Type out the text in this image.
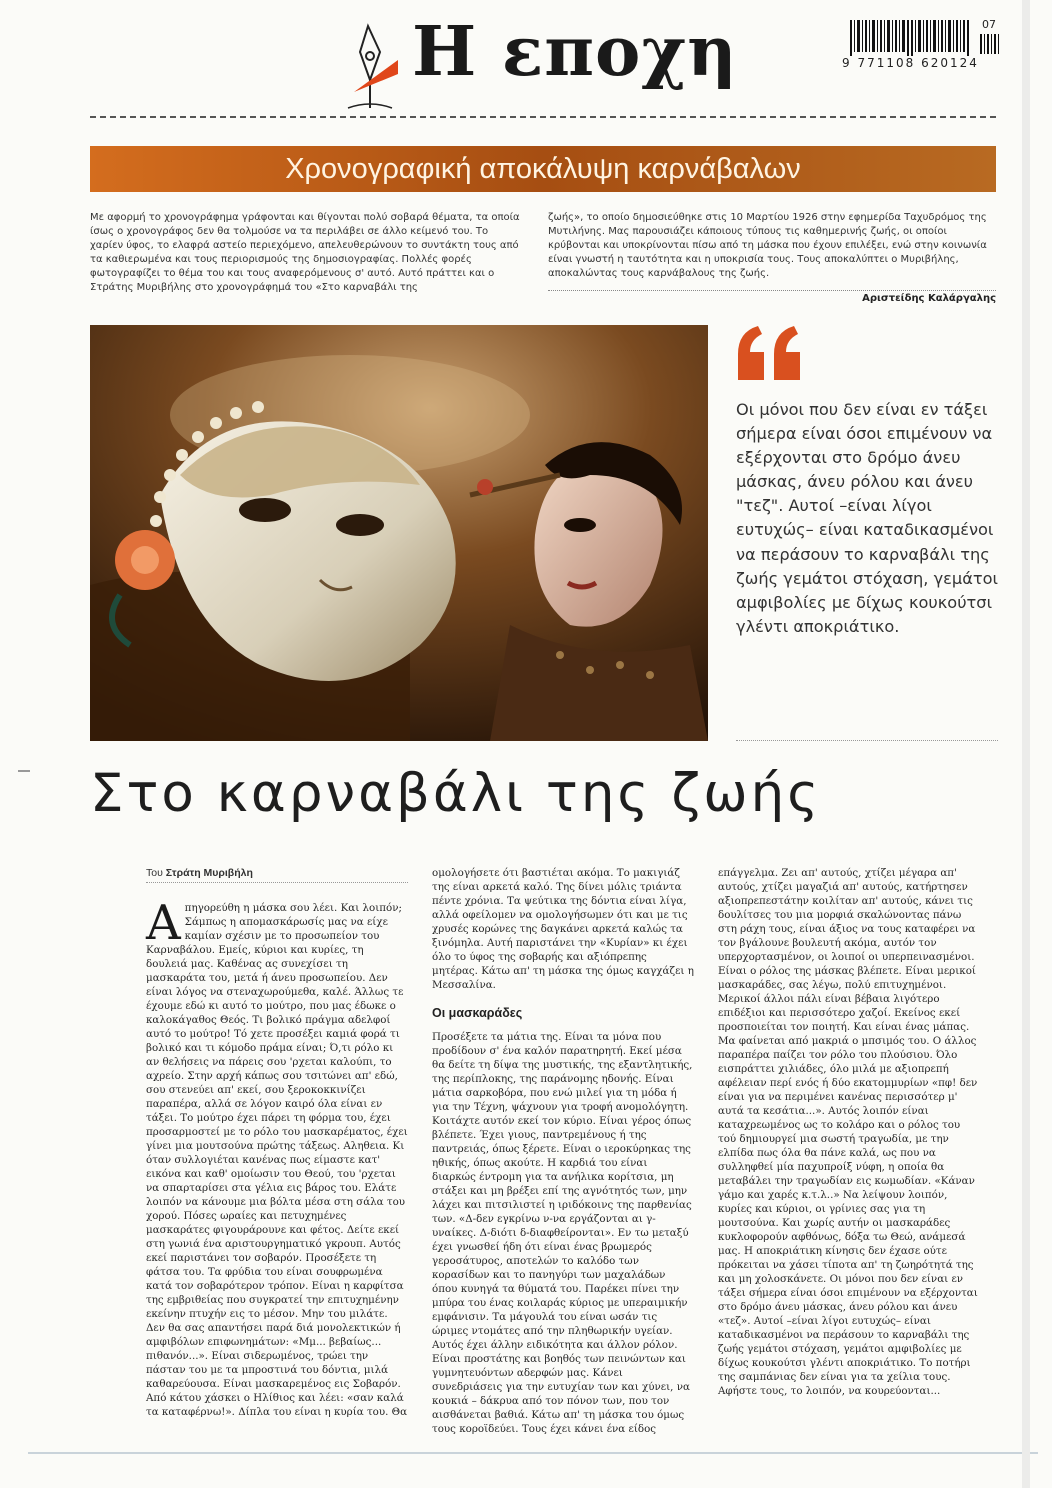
Η εποχη	9 771108 620124
07
Χρονογραφική αποκάλυψη καρνάβαλων
Με αφορμή το χρονογράφημα γράφονται και θίγονται πολύ σοβαρά θέματα, τα οποία ίσως ο χρονογράφος δεν θα τολμούσε να τα περιλάβει σε άλλο κείμενό του. Το χαρίεν ύφος, το ελαφρά αστείο περιεχόμενο, απελευθερώνουν το συντάκτη τους από τα καθιερωμένα και τους περιορισμούς της δημοσιογραφίας. Πολλές φορές φωτογραφίζει το θέμα του και τους αναφερόμενους σ' αυτό. Αυτό πράττει και ο Στράτης Μυριβήλης στο χρονογράφημά του «Στο καρναβάλι της
ζωής», το οποίο δημοσιεύθηκε στις 10 Μαρτίου 1926 στην εφημερίδα Ταχυδρόμος της Μυτιλήνης. Μας παρουσιάζει κάποιους τύπους τις καθημερινής ζωής, οι οποίοι κρύβονται και υποκρίνονται πίσω από τη μάσκα που έχουν επιλέξει, ενώ στην κοινωνία είναι γνωστή η ταυτότητα και η υποκρισία τους. Τους αποκαλύπτει ο Μυριβήλης, αποκαλώντας τους καρνάβαλους της ζωής.
Αριστείδης Καλάργαλης
Οι μόνοι που δεν είναι εν τάξει σήμερα είναι όσοι επιμένουν να εξέρχονται στο δρόμο άνευ μάσκας, άνευ ρόλου και άνευ "τεζ". Αυτοί –είναι λίγοι ευτυχώς– είναι καταδικασμένοι να περάσουν το καρναβάλι της ζωής γεμάτοι στόχαση, γεμάτοι αμφιβολίες με δίχως κουκούτσι γλέντι αποκριάτικο.
Στο καρναβάλι της ζωής
Του Στράτη Μυριβήλη
Α πηγορεύθη η μάσκα σου λέει. Και λοιπόν; Σάμπως η απομασκάρωσίς μας να είχε καμίαν σχέσιν με το προσωπείον του Καρναβάλου. Εμείς, κύριοι και κυρίες, τη δουλειά μας. Καθένας ας συνεχίσει τη μασκαράτα του, μετά ή άνευ προσωπείου. Δεν είναι λόγος να στεναχωρούμεθα, καλέ. Άλλως τε έχουμε εδώ κι αυτό το μούτρο, που μας έδωκε ο καλοκάγαθος Θεός. Τι βολικό πράγμα αδελφοί αυτό το μούτρο! Τό χετε προσέξει καμιά φορά τι βολικό και τι κόμοδο πράμα είναι; Ό,τι ρόλο κι αν θελήσεις να πάρεις σου 'ρχεται καλούπι, το αχρείο. Στην αρχή κάπως σου τσιτώνει απ' εδώ, σου στενεύει απ' εκεί, σου ξεροκοκκινίζει παραπέρα, αλλά σε λόγον καιρό όλα είναι εν τάξει. Το μούτρο έχει πάρει τη φόρμα του, έχει προσαρμοστεί με το ρόλο του μασκαρέματος, έχει γίνει μια μουτσούνα πρώτης τάξεως. Αληθεια. Κι όταν συλλογιέται κανένας πως είμαστε κατ' εικόνα και καθ' ομοίωσιν του Θεού, του 'ρχεται να σπαρταρίσει στα γέλια εις βάρος του. Ελάτε λοιπόν να κάνουμε μια βόλτα μέσα στη σάλα του χορού. Πόσες ωραίες και πετυχημένες μασκαράτες φιγουράρουνε και φέτος. Δείτε εκεί στη γωνιά ένα αριστουργηματικό γκρουπ. Αυτός εκεί παριστάνει τον σοβαρόν. Προσέξετε τη φάτσα του. Τα φρύδια του είναι σουφρωμένα κατά τον σοβαρότερον τρόπον. Είναι η καρφίτσα της εμβριθείας που συγκρατεί την επιτυχημένην εκείνην πτυχήν εις το μέσον. Μην του μιλάτε. Δεν θα σας απαντήσει παρά διά μονολεκτικών ή αμφιβόλων επιφωνημάτων: «Μμ... βεβαίως... πιθανόν...». Είναι σιδερωμένος, τρώει την πάσταν του με τα μπροστινά του δόντια, μιλά καθαρεύουσα. Είναι μασκαρεμένος εις Σοβαρόν. Από κάτου χάσκει ο Ηλίθιος και λέει: «σαν καλά τα καταφέρνω!». Δίπλα του είναι η κυρία του. Θα
ομολογήσετε ότι βαστιέται ακόμα. Το μακιγιάζ της είναι αρκετά καλό. Της δίνει μόλις τριάντα πέντε χρόνια. Τα ψεύτικα της δόντια είναι λίγα, αλλά οφείλομεν να ομολογήσωμεν ότι και με τις χρυσές κορώνες της δαγκάνει αρκετά καλώς τα ξινόμηλα. Αυτή παριστάνει την «Κυρίαν» κι έχει όλο το ύφος της σοβαρής και αξιόπρεπης μητέρας. Κάτω απ' τη μάσκα της όμως καγχάζει η Μεσσαλίνα.
Οι μασκαράδες
Προσέξετε τα μάτια της. Είναι τα μόνα που προδίδουν σ' ένα καλόν παρατηρητή. Εκεί μέσα θα δείτε τη δίψα της μυστικής, της εξαντλητικής, της περίπλοκης, της παράνομης ηδονής. Είναι μάτια σαρκοβόρα, που ενώ μιλεί για τη μόδα ή για την Τέχνη, ψάχνουν για τροφή ανομολόγητη. Κοιτάχτε αυτόν εκεί τον κύριο. Είναι γέρος όπως βλέπετε. Έχει γιους, παντρεμένους ή της παντρειάς, όπως ξέρετε. Είναι ο ιεροκύρηκας της ηθικής, όπως ακούτε. Η καρδιά του είναι διαρκώς έντρομη για τα ανήλικα κορίτσια, μη στάξει και μη βρέξει επί της αγνότητός των, μην λάχει και πιτσιλιστεί η ιριδόκοινς της παρθενίας των. «Δ-δεν εγκρίνω ν-να εργάζονται αι γ-υναίκες. Δ-διότι δ-διαφθείρονται». Εν τω μεταξύ έχει γνωσθεί ήδη ότι είναι ένας βρωμερός γεροσάτυρος, αποτελών το καλόδο των κορασίδων και το πανηγύρι των μαχαλάδων όπου κυνηγά τα θύματά του. Παρέκει πίνει την μπύρα του ένας κοιλαράς κύριος με υπεραιμικήν εμφάνισιν. Τα μάγουλά του είναι ωσάν τις ώριμες ντομάτες από την πληθωρικήν υγείαν. Αυτός έχει άλλην ειδικότητα και άλλον ρόλον. Είναι προστάτης και βοηθός των πεινώντων και γυμνητευόντων αδερφών μας. Κάνει συνεδριάσεις για την ευτυχίαν των και χύνει, να κουκιά – δάκρυα από τον πόνον των, που τον αισθάνεται βαθιά. Κάτω απ' τη μάσκα του όμως τους κοροϊδεύει. Τους έχει κάνει ένα είδος
επάγγελμα. Ζει απ' αυτούς, χτίζει μέγαρα απ' αυτούς, χτίζει μαγαζιά απ' αυτούς, κατήρτησεν αξιοπρεπεστάτην κοιλίταν απ' αυτούς, κάνει τις δουλίτσες του μια μορφιά σκαλώνοντας πάνω στη ράχη τους, είναι άξιος να τους καταφέρει να τον βγάλουνε βουλευτή ακόμα, αυτόν τον υπερχορτασμένον, οι λοιποί οι υπερπεινασμένοι. Είναι ο ρόλος της μάσκας βλέπετε. Είναι μερικοί μασκαράδες, σας λέγω, πολύ επιτυχημένοι. Μερικοί άλλοι πάλι είναι βέβαια λιγότερο επιδέξιοι και περισσότερο χαζοί. Εκείνος εκεί προσποιείται τον ποιητή. Και είναι ένας μάπας. Μα φαίνεται από μακριά ο μπσιμός του. Ο άλλος παραπέρα παίζει τον ρόλο του πλούσιου. Όλο εισπράττει χιλιάδες, όλο μιλά με αξιοπρεπή αφέλειαν περί ενός ή δύο εκατομμυρίων «πφ! δεν είναι για να περιμένει κανένας περισσότερ μ' αυτά τα κεσάτια...». Αυτός λοιπόν είναι καταχρεωμένος ως το κολάρο και ο ρόλος του τού δημιουργεί μια σωστή τραγωδία, με την ελπίδα πως όλα θα πάνε καλά, ως που να συλληφθεί μία παχυπροίξ νύφη, η οποία θα μεταβάλει την τραγωδίαν εις κωμωδίαν. «Κάναν γάμο και χαρές κ.τ.λ..» Να λείψουν λοιπόν, κυρίες και κύριοι, οι γρίνιες σας για τη μουτσούνα. Και χωρίς αυτήν οι μασκαράδες κυκλοφορούν αφθόνως, δόξα τω Θεώ, ανάμεσά μας. Η αποκριάτικη κίνησις δεν έχασε ούτε πρόκειται να χάσει τίποτα απ' τη ζωηρότητά της και μη χολοσκάνετε. Οι μόνοι που δεν είναι εν τάξει σήμερα είναι όσοι επιμένουν να εξέρχονται στο δρόμο άνευ μάσκας, άνευ ρόλου και άνευ «τεζ». Αυτοί –είναι λίγοι ευτυχώς– είναι καταδικασμένοι να περάσουν το καρναβάλι της ζωής γεμάτοι στόχαση, γεμάτοι αμφιβολίες με δίχως κουκούτσι γλέντι αποκριάτικο. Το ποτήρι της σαμπάνιας δεν είναι για τα χείλια τους. Αφήστε τους, το λοιπόν, να κουρεύονται...
